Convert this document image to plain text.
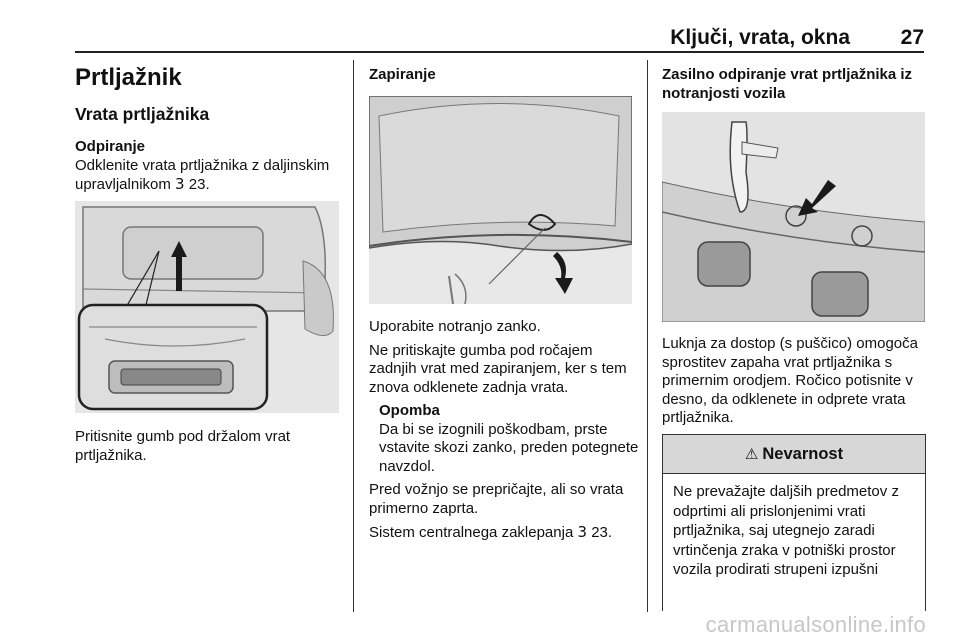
Ključi, vrata, okna 27
Prtljažnik
Vrata prtljažnika

Odpiranje

Odklenite vrata prtljažnika z daljinskim upravljalnikom 3 23.

Pritisnite gumb pod držalom vrat prtljažnika.

Zapiranje

Uporabite notranjo zanko.

Ne pritiskajte gumba pod ročajem zadnjih vrat med zapiranjem, ker s tem znova odklenete zadnja vrata.

Opomba

Da bi se izognili poškodbam, prste vstavite skozi zanko, preden potegnete navzdol.

Pred vožnjo se prepričajte, ali so vrata primerno zaprta.

Sistem centralnega zaklepanja 3 23.

Zasilno odpiranje vrat prtljažnika iz notranjosti vozila

Luknja za dostop (s puščico) omogoča sprostitev zapaha vrat prtljažnika s primernim orodjem. Ročico potisnite v desno, da odklenete in odprete vrata prtljažnika.

⚠ Nevarnost

Ne prevažajte daljših predmetov z odprtimi ali prislonjenimi vrati prtljažnika, saj utegnejo zaradi vrtinčenja zraka v potniški prostor vozila prodirati strupeni izpušni

carmanualsonline.info
